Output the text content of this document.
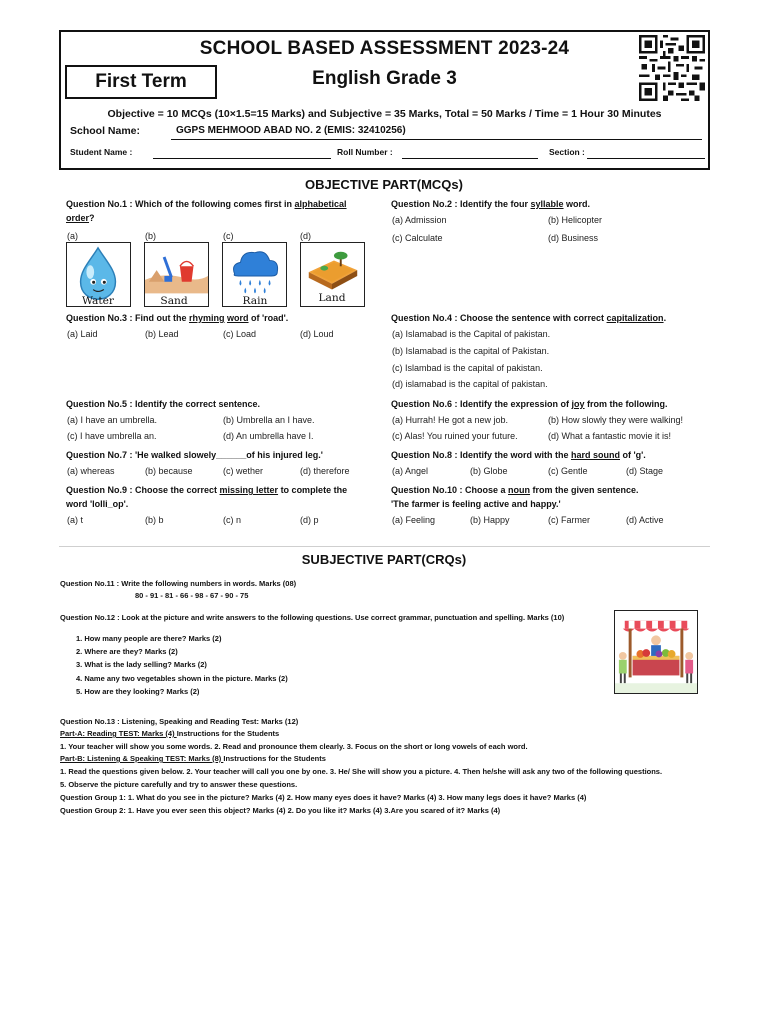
SCHOOL BASED ASSESSMENT 2023-24
English Grade 3
First Term
Objective = 10 MCQs (10×1.5=15 Marks) and Subjective = 35 Marks, Total = 50 Marks / Time = 1 Hour 30 Minutes
School Name:	GGPS MEHMOOD ABAD NO. 2 (EMIS: 32410256)
Student Name :	Roll Number :	Section :
OBJECTIVE PART(MCQs)
Question No.1 : Which of the following comes first in alphabetical order?
(a)	(b)	(c)	(d)
Water	Sand	Rain	Land
Question No.2 : Identify the four syllable word.
(a) Admission	(b) Helicopter
(c) Calculate	(d) Business
Question No.3 : Find out the rhyming word of 'road'.
(a) Laid	(b) Lead	(c) Load	(d) Loud
Question No.4 : Choose the sentence with correct capitalization.
(a) Islamabad is the Capital of pakistan.
(b) Islamabad is the capital of Pakistan.
(c) Islambad is the capital of pakistan.
(d) islamabad is the capital of pakistan.
Question No.5 : Identify the correct sentence.
(a) I have an umbrella.	(b) Umbrella an I have.
(c) I have umbrella an.	(d) An umbrella have I.
Question No.6 : Identify the expression of joy from the following.
(a) Hurrah! He got a new job.	(b) How slowly they were walking!
(c) Alas! You ruined your future.	(d) What a fantastic movie it is!
Question No.7 : 'He walked slowely______of his injured leg.'
(a) whereas	(b) because	(c) wether	(d) therefore
Question No.8 : Identify the word with the hard sound of 'g'.
(a) Angel	(b) Globe	(c) Gentle	(d) Stage
Question No.9 : Choose the correct missing letter to complete the word 'lolli_op'.
(a) t	(b) b	(c) n	(d) p
Question No.10 : Choose a noun from the given sentence.
'The farmer is feeling active and happy.'
(a) Feeling	(b) Happy	(c) Farmer	(d) Active
SUBJECTIVE PART(CRQs)
Question No.11 : Write the following numbers in words. Marks (08)
80 - 91 - 81 - 66 - 98 - 67 - 90 - 75
Question No.12 : Look at the picture and write answers to the following questions. Use correct grammar, punctuation and spelling. Marks (10)
1. How many people are there? Marks (2)
2. Where are they? Marks (2)
3. What is the lady selling? Marks (2)
4. Name any two vegetables shown in the picture. Marks (2)
5. How are they looking? Marks (2)
Question No.13 : Listening, Speaking and Reading Test: Marks (12)
Part-A: Reading TEST: Marks (4) Instructions for the Students
1. Your teacher will show you some words. 2. Read and pronounce them clearly. 3. Focus on the short or long vowels of each word.
Part-B: Listening & Speaking TEST: Marks (8) Instructions for the Students
1. Read the questions given below. 2. Your teacher will call you one by one. 3. He/ She will show you a picture. 4. Then he/she will ask any two of the following questions.
5. Observe the picture carefully and try to answer these questions.
Question Group 1: 1. What do you see in the picture? Marks (4) 2. How many eyes does it have? Marks (4) 3. How many legs does it have? Marks (4)
Question Group 2: 1. Have you ever seen this object? Marks (4) 2. Do you like it? Marks (4) 3.Are you scared of it? Marks (4)
